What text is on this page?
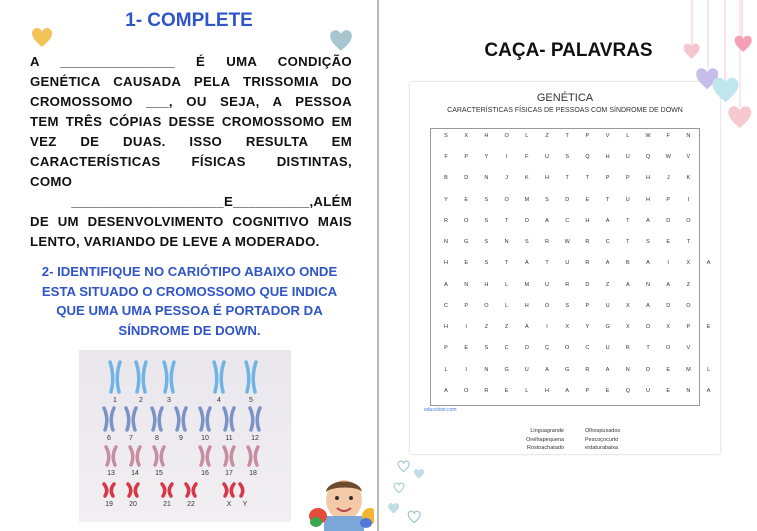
1- COMPLETE
A _______________ É UMA CONDIÇÃO
GENÉTICA CAUSADA PELA TRISSOMIA DO
CROMOSSOMO ___, OU SEJA, A PESSOA
TEM TRÊS CÓPIAS DESSE CROMOSSOMO EM
VEZ DE DUAS. ISSO RESULTA EM
CARACTERÍSTICAS FÍSICAS DISTINTAS,
COMO
____________________E__________,ALÉM
DE UM DESENVOLVIMENTO COGNITIVO MAIS
LENTO, VARIANDO DE LEVE A MODERADO.
2- IDENTIFIQUE NO CARIÓTIPO ABAIXO ONDE
ESTA SITUADO O CROMOSSOMO QUE INDICA
QUE UMA UMA PESSOA É PORTADOR DA
SÍNDROME DE DOWN.
1	2	3	4	5
6	7	8	9	10 11	12
13 14 15	16 17 18
19 20	21 22	X Y
CAÇA- PALAVRAS
GENÉTICA
CARACTERÍSTICAS FÍSICAS DE PESSOAS COM SÍNDROME DE DOWN
S	X	H	O	L	Z	T	P	V	L	W	F	N
F	P	Y	I	F	U	S	Q	H	U	Q	W	V
B	D	N	J	K	H	T	T	P	P	H	J	K
Y	E	S	O	M	S	D	E	T	U	H	P	I
R	O	S	T	O	A	C	H	A	T	A	D	O
N	G	S	N	S	R	W	R	C	T	S	E	T
H	E	S	T	A	T	U	R	A	B	A	I	X	A
A	N	H	L	M	U	R	D	Z	A	N	A	Z
C	P	O	L	H	O	S	P	U	X	A	D	O
H	I	Z	Z	A	I	X	Y	G	X	O	X	P	E
P	E	S	C	O	Ç	O	C	U	R	T	O	V
L	I	N	G	U	A	G	R	A	N	D	E	M	L
A	O	R	E	L	H	A	P	E	Q	U	E	N	A
educolorir.com
Linguagrande
Orelhapequena
Rostoachatado
Olhospuxados
Pescoçocurto
estaturabaixa
